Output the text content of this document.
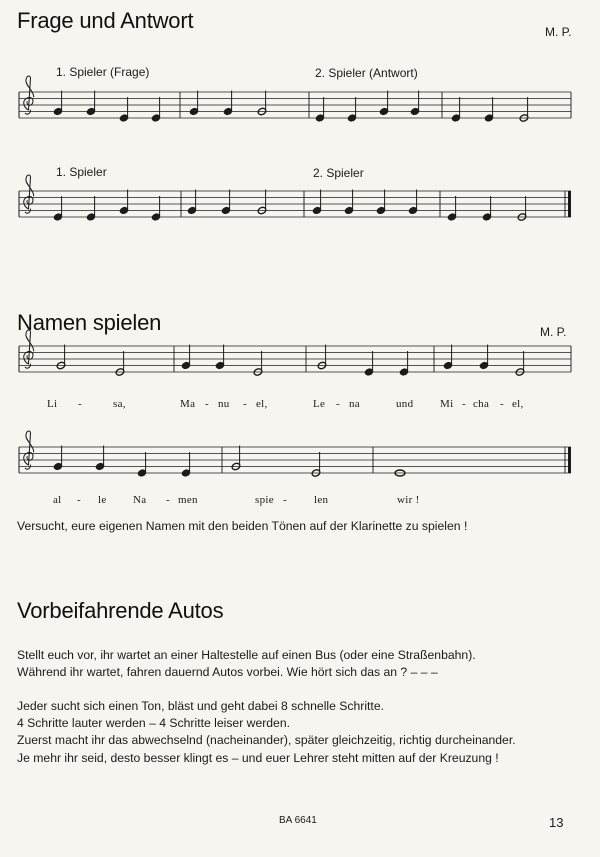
Frage und Antwort	M. P.
1. Spieler (Frage)	2. Spieler (Antwort)
1. Spieler	2. Spieler
Namen spielen	M. P.
Li -	sa,	Ma - nu - el,	Le - na	und Mi - cha - el,
al - le Na - men	spie - len	wir !
Versucht, eure eigenen Namen mit den beiden Tönen auf der Klarinette zu spielen !
Vorbeifahrende Autos
Stellt euch vor, ihr wartet an einer Haltestelle auf einen Bus (oder eine Straßenbahn).
Während ihr wartet, fahren dauernd Autos vorbei. Wie hört sich das an ? – – –
Jeder sucht sich einen Ton, bläst und geht dabei 8 schnelle Schritte.
4 Schritte lauter werden – 4 Schritte leiser werden.
Zuerst macht ihr das abwechselnd (nacheinander), später gleichzeitig, richtig durcheinander.
Je mehr ihr seid, desto besser klingt es – und euer Lehrer steht mitten auf der Kreuzung !
BA 6641	13
